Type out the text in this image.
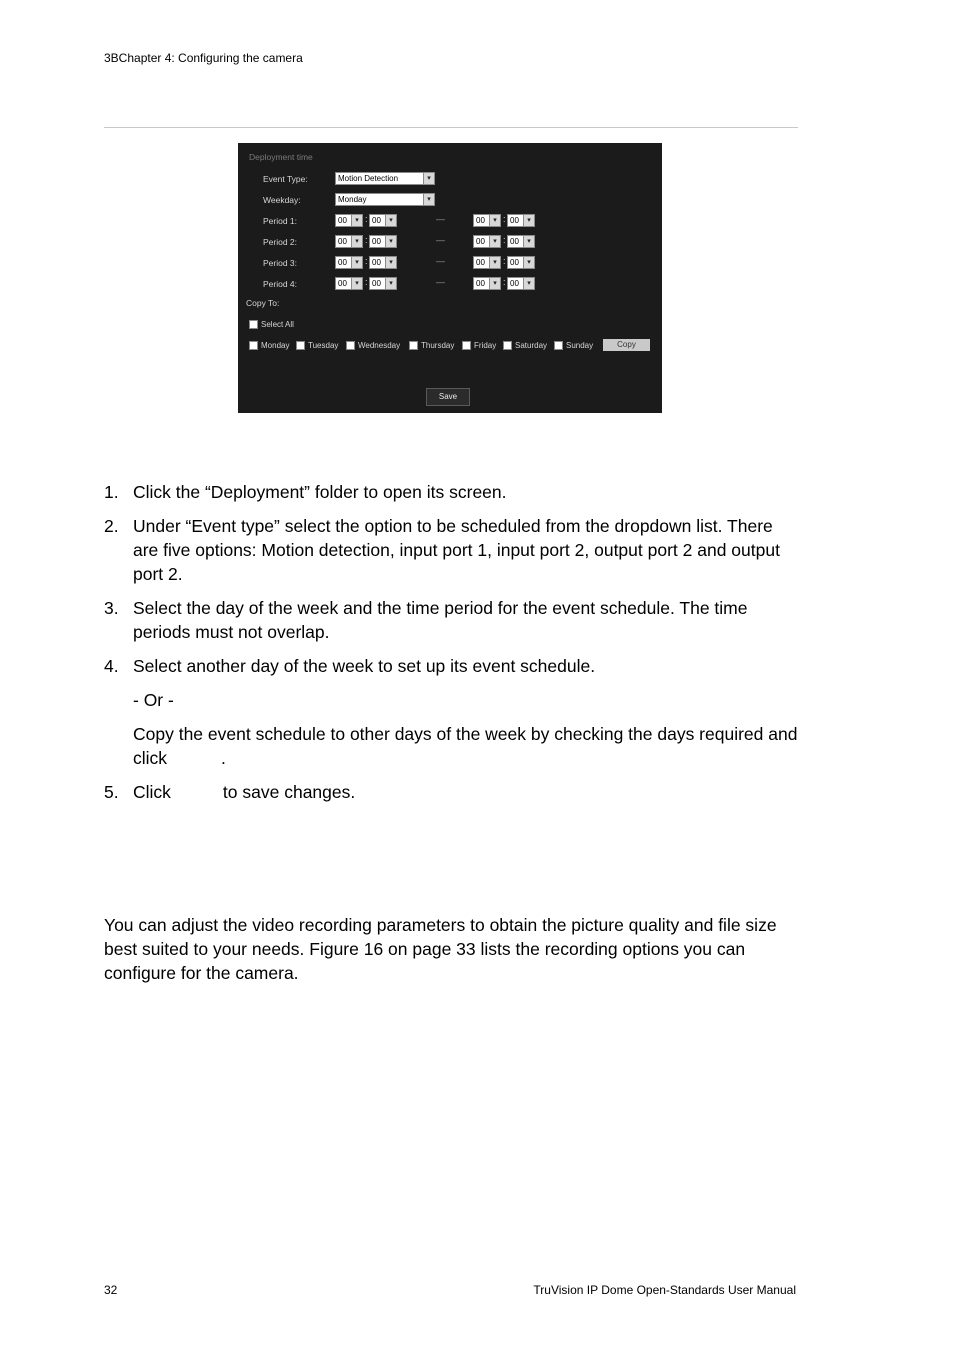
3BChapter 4: Configuring the camera
Deployment time
Event Type:	Motion Detection	▾
Weekday:	Monday	▾
Period 1:	00	▾ : 00	▾	—	00	▾ : 00	▾
Period 2:	00	▾ : 00	▾	—	00	▾ : 00	▾
Period 3:	00	▾ : 00	▾	—	00	▾ : 00	▾
Period 4:	00	▾ : 00	▾	—	00	▾ : 00	▾
Copy To:
Select All
Monday Tuesday Wednesday	Thursday Friday Saturday Sunday	Copy
Save
1. Click the “Deployment” folder to open its screen.

2. Under “Event type” select the option to be scheduled from the dropdown list. There are five options: Motion detection, input port 1, input port 2, output port 2 and output port 2.

3. Select the day of the week and the time period for the event schedule. The time periods must not overlap.

4. Select another day of the week to set up its event schedule.

- Or -
Copy the event schedule to other days of the week by checking the days required and click	.
5. Click	to save changes.

You can adjust the video recording parameters to obtain the picture quality and file size best suited to your needs. Figure 16 on page 33 lists the recording options you can configure for the camera.
32	TruVision IP Dome Open-Standards User Manual
